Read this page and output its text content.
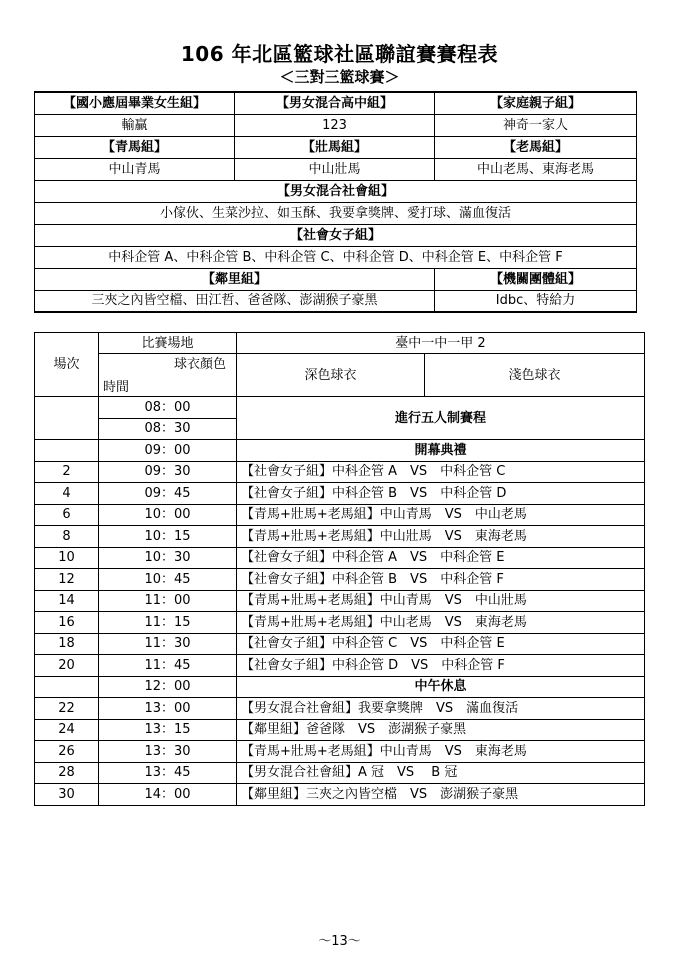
106 年北區籃球社區聯誼賽賽程表
＜三對三籃球賽＞
【國小應屆畢業女生組】	【男女混合高中組】	【家庭親子組】
輸贏	123	神奇一家人
【青馬組】	【壯馬組】	【老馬組】
中山青馬	中山壯馬	中山老馬、東海老馬
【男女混合社會組】		
小傢伙、生菜沙拉、如玉酥、我要拿獎牌、愛打球、滿血復活		
【社會女子組】		
中科企管 A、中科企管 B、中科企管 C、中科企管 D、中科企管 E、中科企管 F		
【鄰里組】		【機關團體組】
三夾之內皆空檔、田江哲、爸爸隊、澎湖猴子豪黑		Idbc、特給力
場次	比賽場地	臺中一中一甲 2	

	球衣顏色
時間	深色球衣	淺色球衣

	08：00	進行五人制賽程	
	08：30		
	09：00	開幕典禮	
2	09：30	【社會女子組】中科企管 A　VS　中科企管 C	
4	09：45	【社會女子組】中科企管 B　VS　中科企管 D	
6	10：00	【青馬+壯馬+老馬組】中山青馬　VS　中山老馬	
8	10：15	【青馬+壯馬+老馬組】中山壯馬　VS　東海老馬	
10	10：30	【社會女子組】中科企管 A　VS　中科企管 E	
12	10：45	【社會女子組】中科企管 B　VS　中科企管 F	
14	11：00	【青馬+壯馬+老馬組】中山青馬　VS　中山壯馬	
16	11：15	【青馬+壯馬+老馬組】中山老馬　VS　東海老馬	
18	11：30	【社會女子組】中科企管 C　VS　中科企管 E	
20	11：45	【社會女子組】中科企管 D　VS　中科企管 F	
	12：00	中午休息	
22	13：00	【男女混合社會組】我要拿獎牌　VS　滿血復活	
24	13：15	【鄰里組】爸爸隊　VS　澎湖猴子豪黑	
26	13：30	【青馬+壯馬+老馬組】中山青馬　VS　東海老馬	
28	13：45	【男女混合社會組】A 冠　VS　 B 冠	
30	14：00	【鄰里組】三夾之內皆空檔　VS　澎湖猴子豪黑	
～13～
